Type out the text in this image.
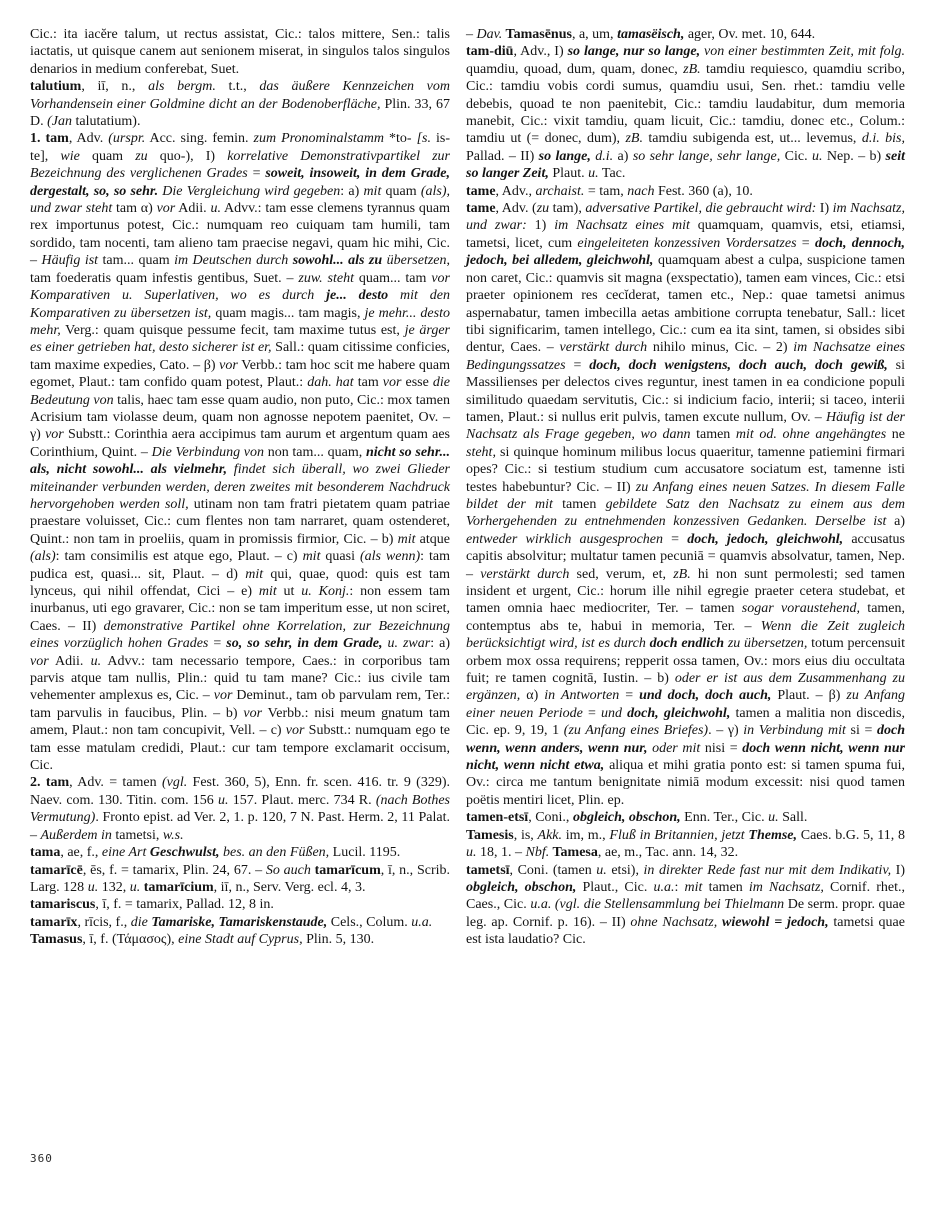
Cic.: ita iacĕre talum, ut rectus assistat, Cic.: talos mittere, Sen.: talis iactatis, ut quisque canem aut senionem miserat, in singulos talos singulos denarios in medium conferebat, Suet.

talutium, iī, n., als bergm. t.t., das äußere Kennzeichen vom Vorhandensein einer Goldmine dicht an der Bodenoberfläche, Plin. 33, 67 D. (Jan talutatium).

1. tam, Adv. (urspr. Acc. sing. femin. zum Pronominalstamm *to- [s. is-te], wie quam zu quo-), I) korrelative Demonstrativpartikel zur Bezeichnung des verglichenen Grades = soweit, insoweit, in dem Grade, dergestalt, so, so sehr. Die Vergleichung wird gegeben: a) mit quam (als), und zwar steht tam α) vor Adii. u. Advv.: tam esse clemens tyrannus quam rex importunus potest, Cic.: numquam reo cuiquam tam humili, tam sordido, tam nocenti, tam alieno tam praecise negavi, quam hic mihi, Cic. – Häufig ist tam... quam im Deutschen durch sowohl... als zu übersetzen, tam foederatis quam infestis gentibus, Suet. – zuw. steht quam... tam vor Komparativen u. Superlativen, wo es durch je... desto mit den Komparativen zu übersetzen ist, quam magis... tam magis, je mehr... desto mehr, Verg.: quam quisque pessume fecit, tam maxime tutus est, je ärger es einer getrieben hat, desto sicherer ist er, Sall.: quam citissime conficies, tam maxime expedies, Cato. – β) vor Verbb.: tam hoc scit me habere quam egomet, Plaut.: tam confido quam potest, Plaut.: dah. hat tam vor esse die Bedeutung von talis, haec tam esse quam audio, non puto, Cic.: mox tamen Acrisium tam violasse deum, quam non agnosse nepotem paenitet, Ov. – γ) vor Substt.: Corinthia aera accipimus tam aurum et argentum quam aes Corinthium, Quint. – Die Verbindung von non tam... quam, nicht so sehr... als, nicht sowohl... als vielmehr, findet sich überall, wo zwei Glieder miteinander verbunden werden, deren zweites mit besonderem Nachdruck hervorgehoben werden soll, utinam non tam fratri pietatem quam patriae praestare voluisset, Cic.: cum flentes non tam narraret, quam ostenderet, Quint.: non tam in proeliis, quam in promissis firmior, Cic. – b) mit atque (als): tam consimilis est atque ego, Plaut. – c) mit quasi (als wenn): tam pudica est, quasi... sit, Plaut. – d) mit qui, quae, quod: quis est tam lynceus, qui nihil offendat, Cici – e) mit ut u. Konj.: non essem tam inurbanus, uti ego gravarer, Cic.: non se tam imperitum esse, ut non sciret, Caes. – II) demonstrative Partikel ohne Korrelation, zur Bezeichnung eines vorzüglich hohen Grades = so, so sehr, in dem Grade, u. zwar: a) vor Adii. u. Advv.: tam necessario tempore, Caes.: in corporibus tam parvis atque tam nullis, Plin.: quid tu tam mane? Cic.: ius civile tam vehementer amplexus es, Cic. – vor Deminut., tam ob parvulam rem, Ter.: tam parvulis in faucibus, Plin. – b) vor Verbb.: nisi meum gnatum tam amem, Plaut.: non tam concupivit, Vell. – c) vor Substt.: numquam ego te tam esse matulam credidi, Plaut.: cur tam tempore exclamarit occisum, Cic.

2. tam, Adv. = tamen (vgl. Fest. 360, 5), Enn. fr. scen. 416. tr. 9 (329). Naev. com. 130. Titin. com. 156 u. 157. Plaut. merc. 734 R. (nach Bothes Vermutung). Fronto epist. ad Ver. 2, 1. p. 120, 7 N. Past. Herm. 2, 11 Palat. – Außerdem in tametsi, w.s.

tama, ae, f., eine Art Geschwulst, bes. an den Füßen, Lucil. 1195.

tamarīcē, ēs, f. = tamarix, Plin. 24, 67. – So auch tamarīcum, ī, n., Scrib. Larg. 128 u. 132, u. tamarīcium, iī, n., Serv. Verg. ecl. 4, 3.

tamariscus, ī, f. = tamarix, Pallad. 12, 8 in.

tamarīx, rīcis, f., die Tamariske, Tamariskenstaude, Cels., Colum. u.a.

Tamasus, ī, f. (Τάμασος), eine Stadt auf Cyprus, Plin. 5, 130.

– Dav. Tamasēnus, a, um, tamasëisch, ager, Ov. met. 10, 644.

tam-diū, Adv., I) so lange, nur so lange, von einer bestimmten Zeit, mit folg. quamdiu, quoad, dum, quam, donec, zB. tamdiu requiesco, quamdiu scribo, Cic.: tamdiu vobis cordi sumus, quamdiu usui, Sen. rhet.: tamdiu velle debebis, quoad te non paenitebit, Cic.: tamdiu laudabitur, dum memoria manebit, Cic.: vixit tamdiu, quam licuit, Cic.: tamdiu, donec etc., Colum.: tamdiu ut (= donec, dum), zB. tamdiu subigenda est, ut... levemus, d.i. bis, Pallad. – II) so lange, d.i. a) so sehr lange, sehr lange, Cic. u. Nep. – b) seit so langer Zeit, Plaut. u. Tac.

tame, Adv., archaist. = tam, nach Fest. 360 (a), 10.

tame, Adv. (zu tam), adversative Partikel, die gebraucht wird: I) im Nachsatz, und zwar: 1) im Nachsatz eines mit quamquam, quamvis, etsi, etiamsi, tametsi, licet, cum eingeleiteten konzessiven Vordersatzes = doch, dennoch, jedoch, bei alledem, gleichwohl, quamquam abest a culpa, suspicione tamen non caret, Cic.: quamvis sit magna (exspectatio), tamen eam vinces, Cic.: etsi praeter opinionem res cecĭderat, tamen etc., Nep.: quae tametsi animus aspernabatur, tamen imbecilla aetas ambitione corrupta tenebatur, Sall.: licet tibi significarim, tamen intellego, Cic.: cum ea ita sint, tamen, si obsides sibi dentur, Caes. – verstärkt durch nihilo minus, Cic. – 2) im Nachsatze eines Bedingungssatzes = doch, doch wenigstens, doch auch, doch gewiß, si Massilienses per delectos cives reguntur, inest tamen in ea condicione populi similitudo quaedam servitutis, Cic.: si indicium facio, interii; si taceo, interii tamen, Plaut.: si nullus erit pulvis, tamen excute nullum, Ov. – Häufig ist der Nachsatz als Frage gegeben, wo dann tamen mit od. ohne angehängtes ne steht, si quinque hominum milibus locus quaeritur, tamenne patiemini firmari opes? Cic.: si testium studium cum accusatore sociatum est, tamenne isti testes habebuntur? Cic. – II) zu Anfang eines neuen Satzes. In diesem Falle bildet der mit tamen gebildete Satz den Nachsatz zu einem aus dem Vorhergehenden zu entnehmenden konzessiven Gedanken. Derselbe ist a) entweder wirklich ausgesprochen = doch, jedoch, gleichwohl, accusatus capitis absolvitur; multatur tamen pecuniā = quamvis absolvatur, tamen, Nep. – verstärkt durch sed, verum, et, zB. hi non sunt permolesti; sed tamen insident et urgent, Cic.: horum ille nihil egregie praeter cetera studebat, et tamen omnia haec mediocriter, Ter. – tamen sogar voraustehend, tamen, contemptus abs te, habui in memoria, Ter. – Wenn die Zeit zugleich berücksichtigt wird, ist es durch doch endlich zu übersetzen, totum percensuit orbem mox ossa requirens; repperit ossa tamen, Ov.: mors eius diu occultata fuit; re tamen cognitā, Iustin. – b) oder er ist aus dem Zusammenhang zu ergänzen, α) in Antworten = und doch, doch auch, Plaut. – β) zu Anfang einer neuen Periode = und doch, gleichwohl, tamen a malitia non discedis, Cic. ep. 9, 19, 1 (zu Anfang eines Briefes). – γ) in Verbindung mit si = doch wenn, wenn anders, wenn nur, oder mit nisi = doch wenn nicht, wenn nur nicht, wenn nicht etwa, aliqua et mihi gratia ponto est: si tamen spuma fui, Ov.: circa me tantum benignitate nimiā modum excessit: nisi quod tamen poëtis mentiri licet, Plin. ep.

tamen-etsī, Coni., obgleich, obschon, Enn. Ter., Cic. u. Sall.

Tamesis, is, Akk. im, m., Fluß in Britannien, jetzt Themse, Caes. b.G. 5, 11, 8 u. 18, 1. – Nbf. Tamesa, ae, m., Tac. ann. 14, 32.

tametsī, Coni. (tamen u. etsi), in direkter Rede fast nur mit dem Indikativ, I) obgleich, obschon, Plaut., Cic. u.a.: mit tamen im Nachsatz, Cornif. rhet., Caes., Cic. u.a. (vgl. die Stellensammlung bei Thielmann De serm. propr. quae leg. ap. Cornif. p. 16). – II) ohne Nachsatz, wiewohl = jedoch, tametsi quae est ista laudatio? Cic.

360
